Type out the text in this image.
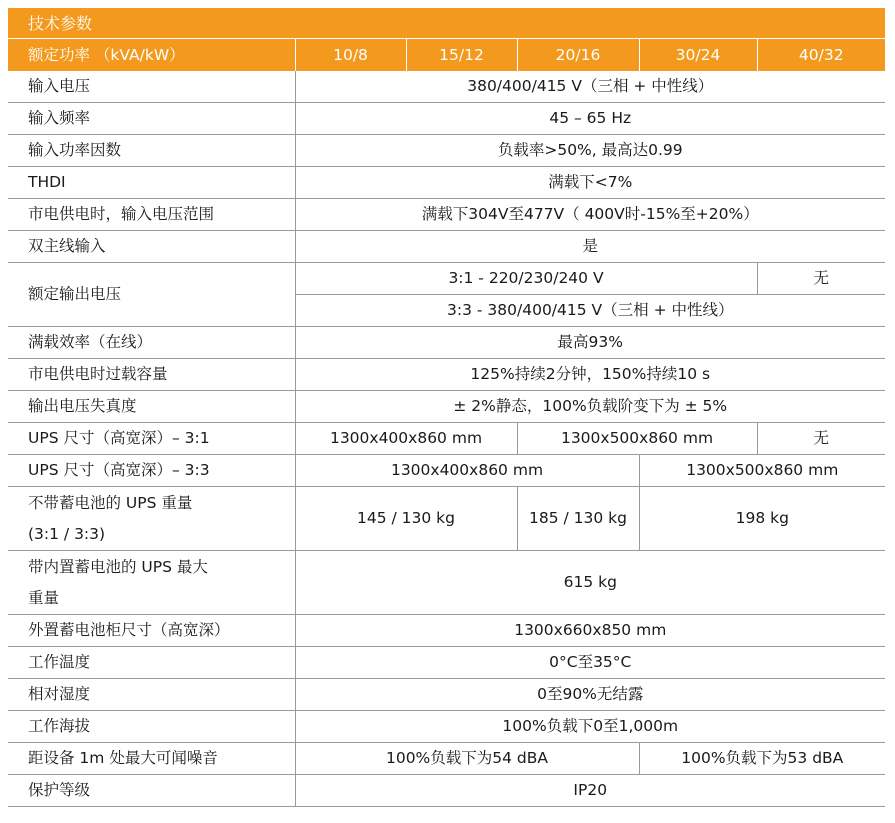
技术参数					
额定功率 （kVA/kW）	10/8	15/12	20/16	30/24	40/32
输入电压	380/400/415 V（三相 + 中性线）				
输入频率	45 – 65 Hz				
输入功率因数	负载率>50%, 最高达0.99				
THDI	满载下<7%				
市电供电时，输入电压范围	满载下304V至477V（ 400V时-15%至+20%）				
双主线输入	是				
额定输出电压	3:1 - 220/230/240 V				无
	3:3 - 380/400/415 V（三相 + 中性线）				
满载效率（在线）	最高93%				
市电供电时过载容量	125%持续2分钟，150%持续10 s				
输出电压失真度	± 2%静态，100%负载阶变下为 ± 5%				
UPS 尺寸（高宽深）– 3:1	1300x400x860 mm		1300x500x860 mm		无
UPS 尺寸（高宽深）– 3:3	1300x400x860 mm			1300x500x860 mm	
不带蓄电池的 UPS 重量
(3:1 / 3:3)	145 / 130 kg		185 / 130 kg	198 kg	
带内置蓄电池的 UPS 最大
重量	615 kg				
外置蓄电池柜尺寸（高宽深）	1300x660x850 mm				
工作温度	0°C至35°C				
相对湿度	0至90%无结露				
工作海拔	100%负载下0至1,000m				
距设备 1m 处最大可闻噪音	100%负载下为54 dBA			100%负载下为53 dBA	
保护等级	IP20				
